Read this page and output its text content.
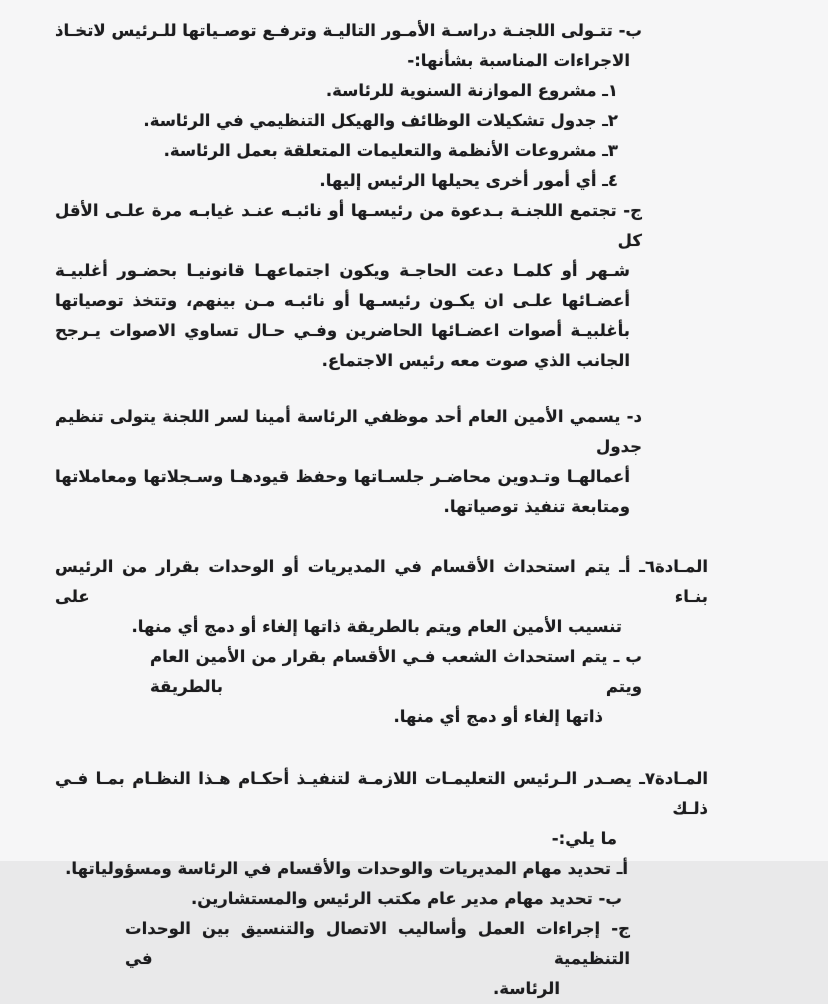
ب- تتـولى اللجنـة دراسـة الأمـور التاليـة وترفـع توصـياتها للـرئيس لاتخـاذ
الاجراءات المناسبة بشأنها:-
١ـ مشروع الموازنة السنوية للرئاسة.
٢ـ جدول تشكيلات الوظائف والهيكل التنظيمي في الرئاسة.
٣ـ مشروعات الأنظمة والتعليمات المتعلقة بعمل الرئاسة.
٤ـ أي أمور أخرى يحيلها الرئيس إليها.
ج- تجتمع اللجنـة بـدعوة من رئيسـها أو نائبـه عنـد غيابـه مرة علـى الأقل كل
شـهر أو كلمـا دعت الحاجـة ويكون اجتماعهـا قانونيـا بحضـور أغلبيـة
أعضـائها علـى ان يكـون رئيسـها أو نائبـه مـن بينهم، وتتخذ توصياتها
بأغلبيـة أصوات اعضـائها الحاضرين وفـي حـال تساوي الاصوات يـرجح
الجانب الذي صوت معه رئيس الاجتماع.
د- يسمي الأمين العام أحد موظفي الرئاسة أمينا لسر اللجنة يتولى تنظيم جدول
أعمالهـا وتـدوين محاضـر جلسـاتها وحفظ قيودهـا وسـجلاتها ومعاملاتها
ومتابعة تنفيذ توصياتها.
المـادة٦ـ أـ يتم استحداث الأقسام في المديريات أو الوحدات بقرار من الرئيس بنـاء على
تنسيب الأمين العام ويتم بالطريقة ذاتها إلغاء أو دمج أي منها.
ب ـ يتم استحداث الشعب فـي الأقسام بقرار من الأمين العام ويتم بالطريقة
ذاتها إلغاء أو دمج أي منها.
المـادة٧ـ يصـدر الـرئيس التعليمـات اللازمـة لتنفيـذ أحكـام هـذا النظـام بمـا فـي ذلـك
ما يلي:-
أـ تحديد مهام المديريات والوحدات والأقسام في الرئاسة ومسؤولياتها.
ب- تحديد مهام مدير عام مكتب الرئيس والمستشارين.
ج- إجراءات العمل وأساليب الاتصال والتنسيق بين الوحدات التنظيمية في
الرئاسة.
